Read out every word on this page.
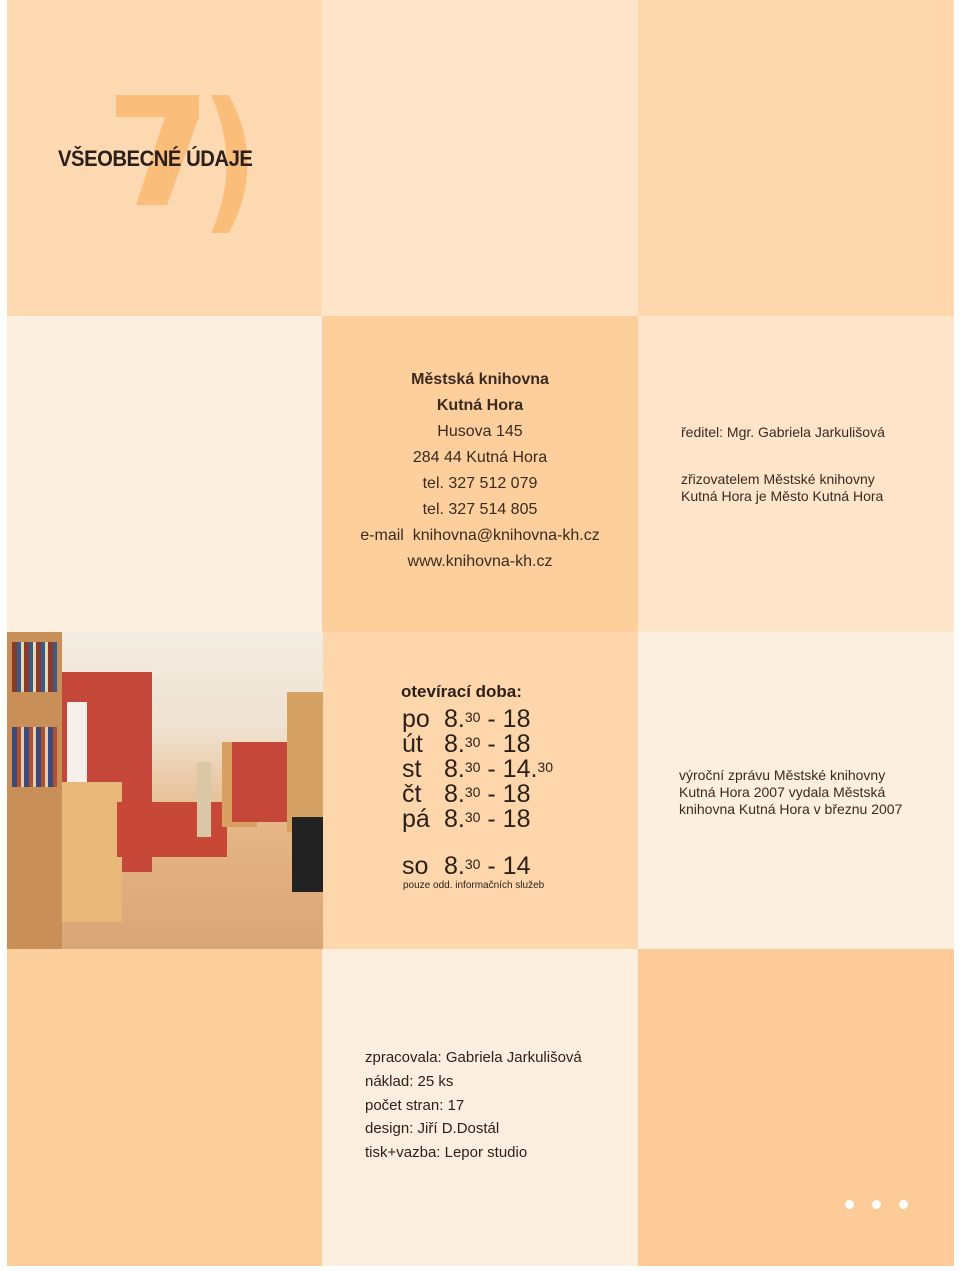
VŠEOBECNÉ ÚDAJE
Městská knihovna
Kutná Hora
Husova 145
284 44 Kutná Hora
tel. 327 512 079
tel. 327 514 805
e-mail  knihovna@knihovna-kh.cz
www.knihovna-kh.cz
ředitel: Mgr. Gabriela Jarkulišová
zřizovatelem Městské knihovny
Kutná Hora je Město Kutná Hora
otevírací doba:
po 8.30 - 18
út 8.30 - 18
st 8.30 - 14.30
čt 8.30 - 18
pá 8.30 - 18
so 8.30 - 14
pouze odd. informačních služeb
výroční zprávu Městské knihovny
Kutná Hora 2007 vydala Městská
knihovna Kutná Hora v březnu 2007
zpracovala: Gabriela Jarkulišová
náklad: 25 ks
počet stran: 17
design: Jiří D.Dostál
tisk+vazba: Lepor studio
